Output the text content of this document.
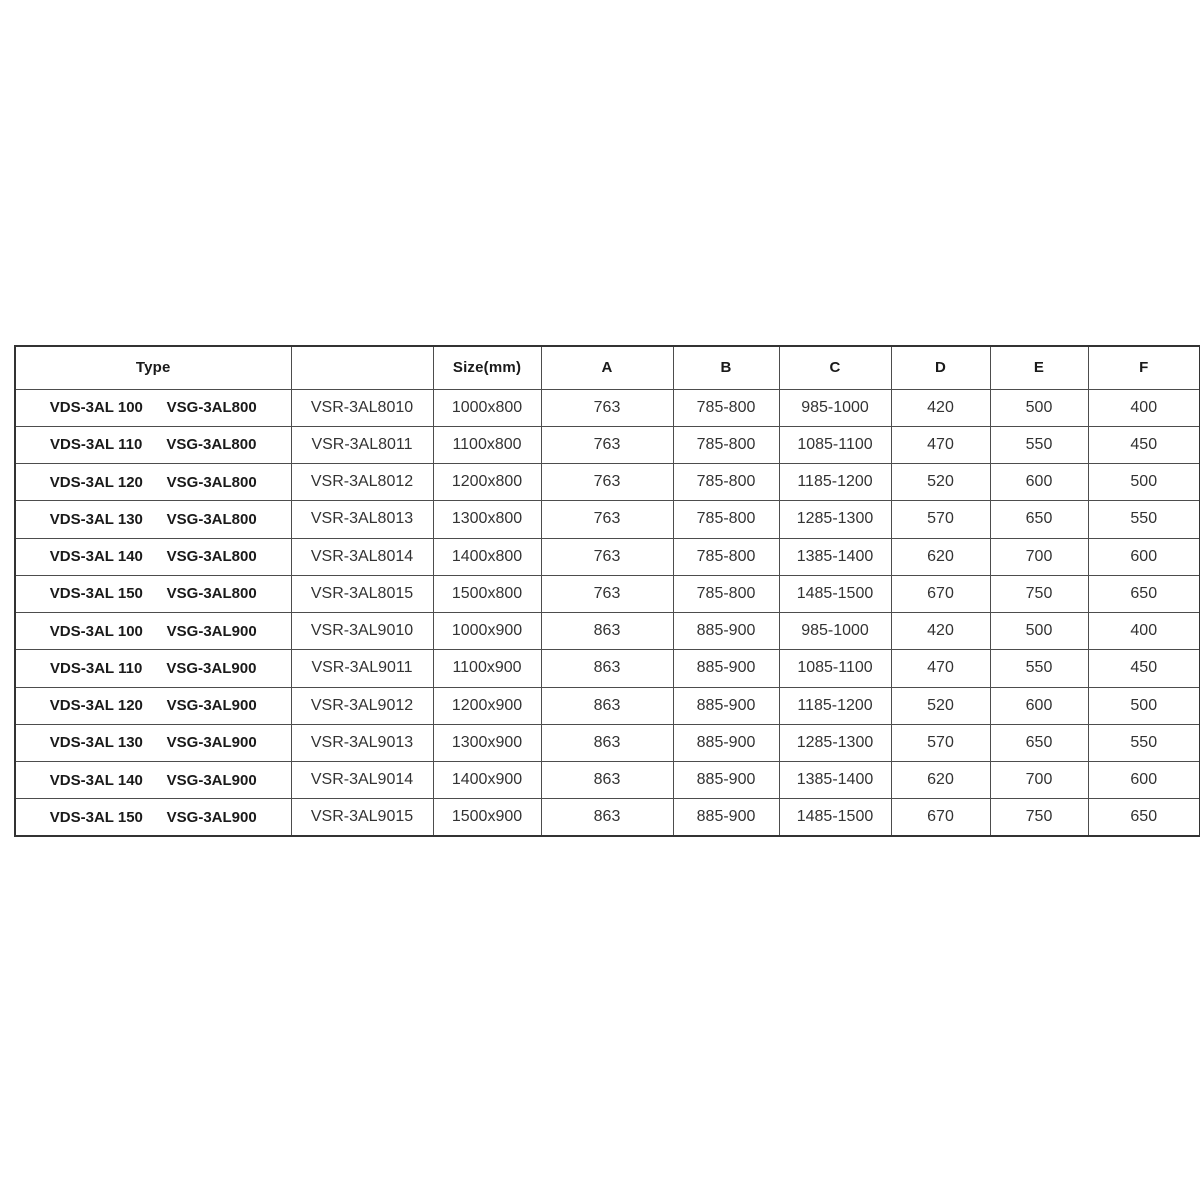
Type		Size(mm)	A	B	C	D	E	F

VDS-3AL 100 VSG-3AL800	VSR-3AL8010	1000x800	763	785-800	985-1000	420	500	400

VDS-3AL 110 VSG-3AL800	VSR-3AL8011	1100x800	763	785-800	1085-1100	470	550	450

VDS-3AL 120 VSG-3AL800	VSR-3AL8012	1200x800	763	785-800	1185-1200	520	600	500

VDS-3AL 130 VSG-3AL800	VSR-3AL8013	1300x800	763	785-800	1285-1300	570	650	550

VDS-3AL 140 VSG-3AL800	VSR-3AL8014	1400x800	763	785-800	1385-1400	620	700	600

VDS-3AL 150 VSG-3AL800	VSR-3AL8015	1500x800	763	785-800	1485-1500	670	750	650

VDS-3AL 100 VSG-3AL900	VSR-3AL9010	1000x900	863	885-900	985-1000	420	500	400

VDS-3AL 110 VSG-3AL900	VSR-3AL9011	1100x900	863	885-900	1085-1100	470	550	450

VDS-3AL 120 VSG-3AL900	VSR-3AL9012	1200x900	863	885-900	1185-1200	520	600	500

VDS-3AL 130 VSG-3AL900	VSR-3AL9013	1300x900	863	885-900	1285-1300	570	650	550

VDS-3AL 140 VSG-3AL900	VSR-3AL9014	1400x900	863	885-900	1385-1400	620	700	600

VDS-3AL 150 VSG-3AL900	VSR-3AL9015	1500x900	863	885-900	1485-1500	670	750	650
